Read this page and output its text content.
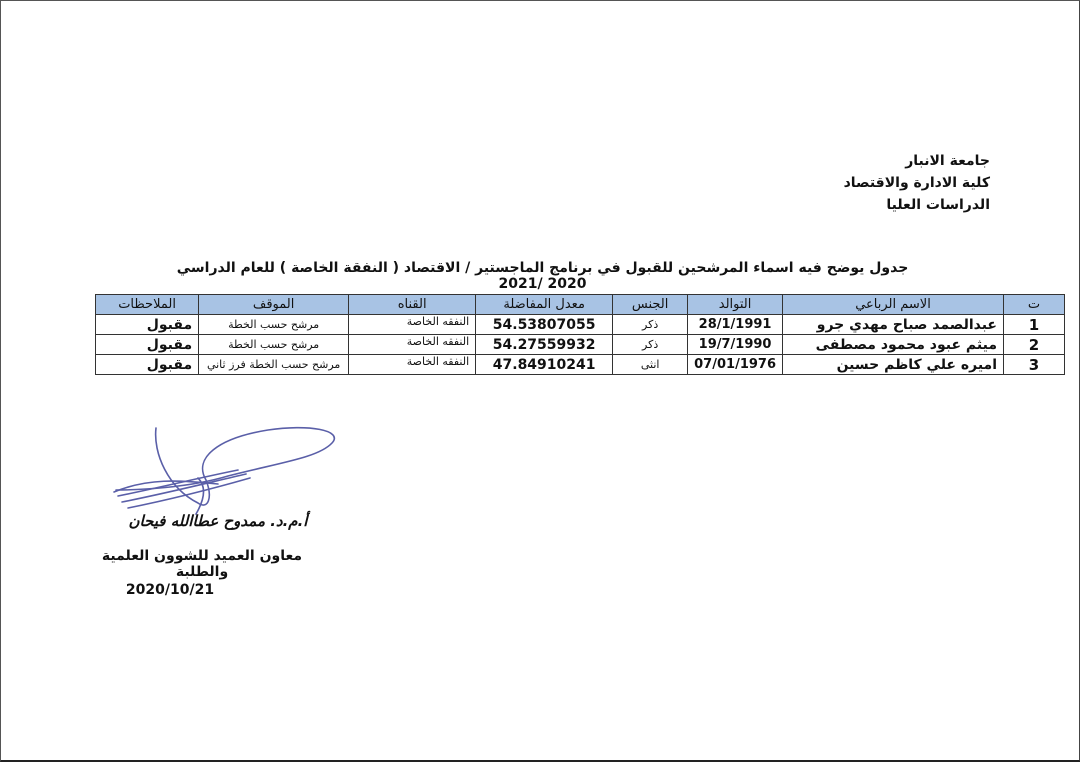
جامعة الانبار
كلية الادارة والاقتصاد
الدراسات العليا
جدول يوضح فيه اسماء المرشحين للقبول في برنامج الماجستير / الاقتصاد ( النفقة الخاصة ) للعام الدراسي 2020 /2021
ت	الاسم الرباعي	التوالد	الجنس	معدل المفاضلة	القناه	الموقف	الملاحظات
1	عبدالصمد صباح مهدي جرو	28/1/1991	ذكر	54.53807055	النفقه الخاصة	مرشح حسب الخطة	مقبول
2	ميثم عبود محمود مصطفى	19/7/1990	ذكر	54.27559932	النفقه الخاصة	مرشح حسب الخطة	مقبول
3	اميره علي كاظم حسين	07/01/1976	انثى	47.84910241	النفقه الخاصة	مرشح حسب الخطة فرز ثاني	مقبول
أ.م.د. ممدوح عطاالله فيحان
معاون العميد للشوون العلمية والطلبة
2020/10/21
